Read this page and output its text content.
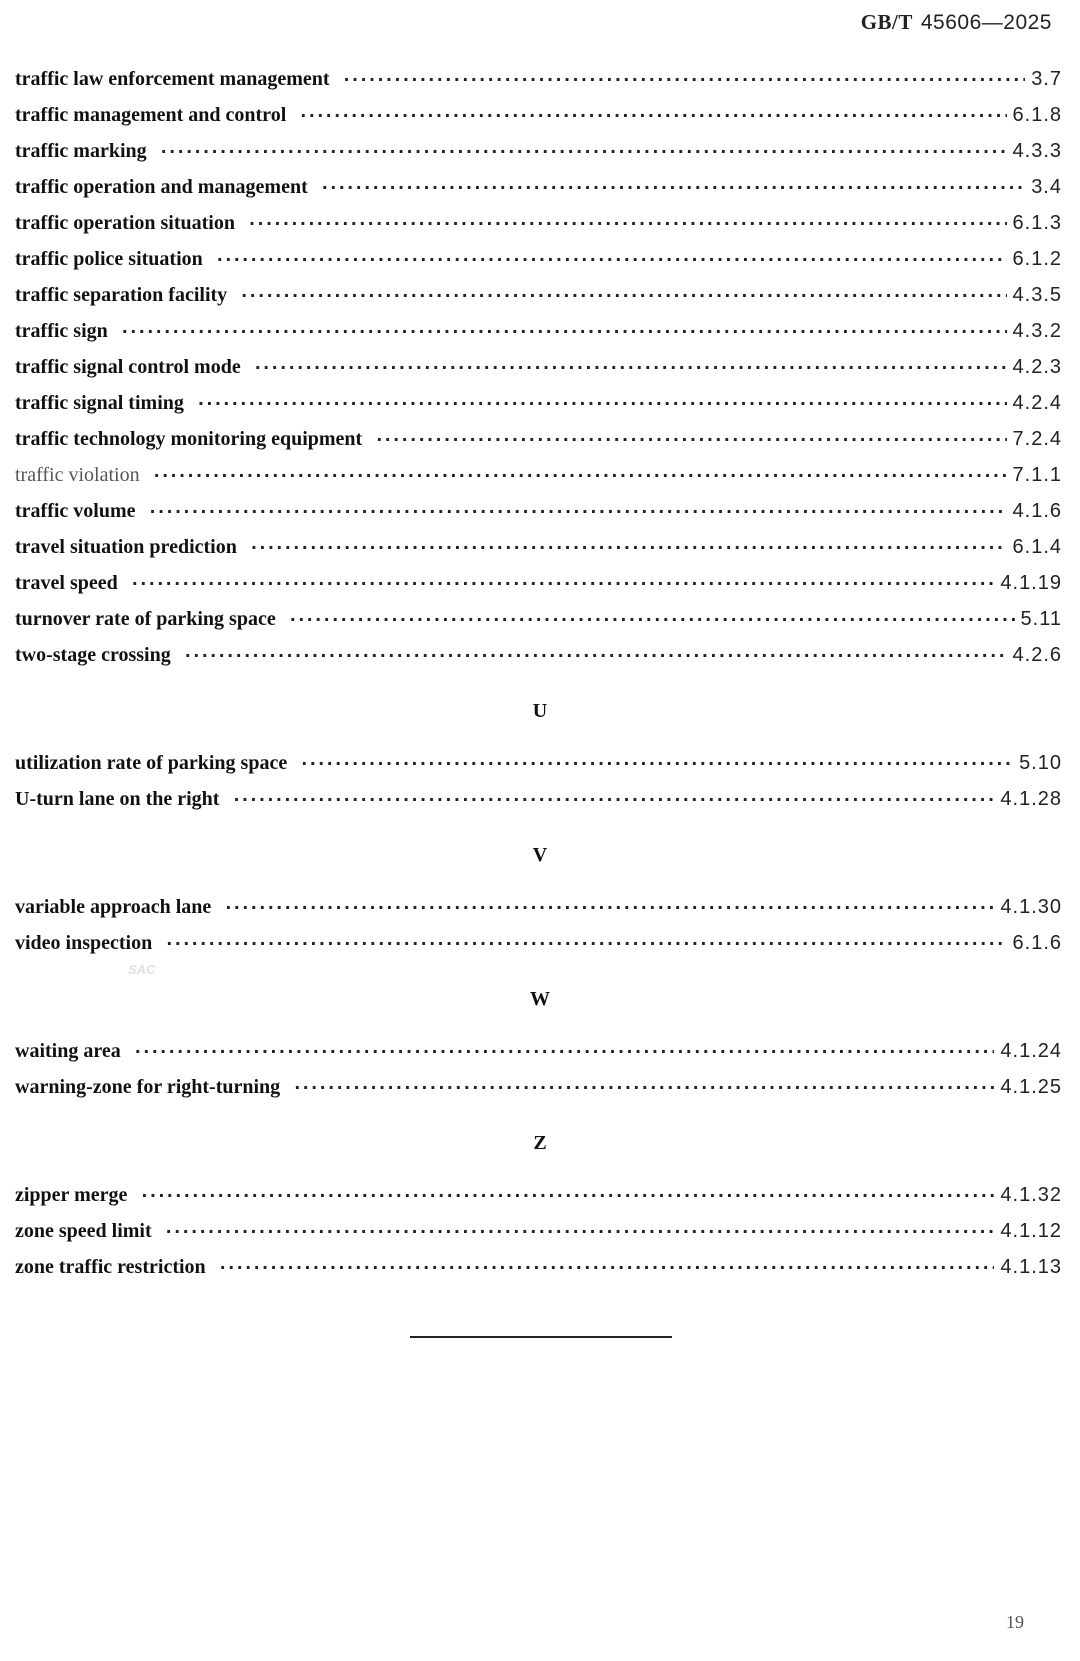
GB/T 45606—2025
traffic law enforcement management ·····	3.7
traffic management and control ·····	6.1.8
traffic marking ·····	4.3.3
traffic operation and management ·····	3.4
traffic operation situation ·····	6.1.3
traffic police situation ·····	6.1.2
traffic separation facility ·····	4.3.5
traffic sign ·····	4.3.2
traffic signal control mode ·····	4.2.3
traffic signal timing ·····	4.2.4
traffic technology monitoring equipment ·····	7.2.4
traffic violation ·····	7.1.1
traffic volume ·····	4.1.6
travel situation prediction ·····	6.1.4
travel speed ·····	4.1.19
turnover rate of parking space ·····	5.11
two-stage crossing ·····	4.2.6
utilization rate of parking space ·····	5.10
U-turn lane on the right ·····	4.1.28
variable approach lane ·····	4.1.30
video inspection ·····	6.1.6
waiting area ·····	4.1.24
warning-zone for right-turning ·····	4.1.25
zipper merge ·····	4.1.32
zone speed limit ·····	4.1.12
zone traffic restriction ·····	4.1.13
U
V
W
Z
SAC
19
